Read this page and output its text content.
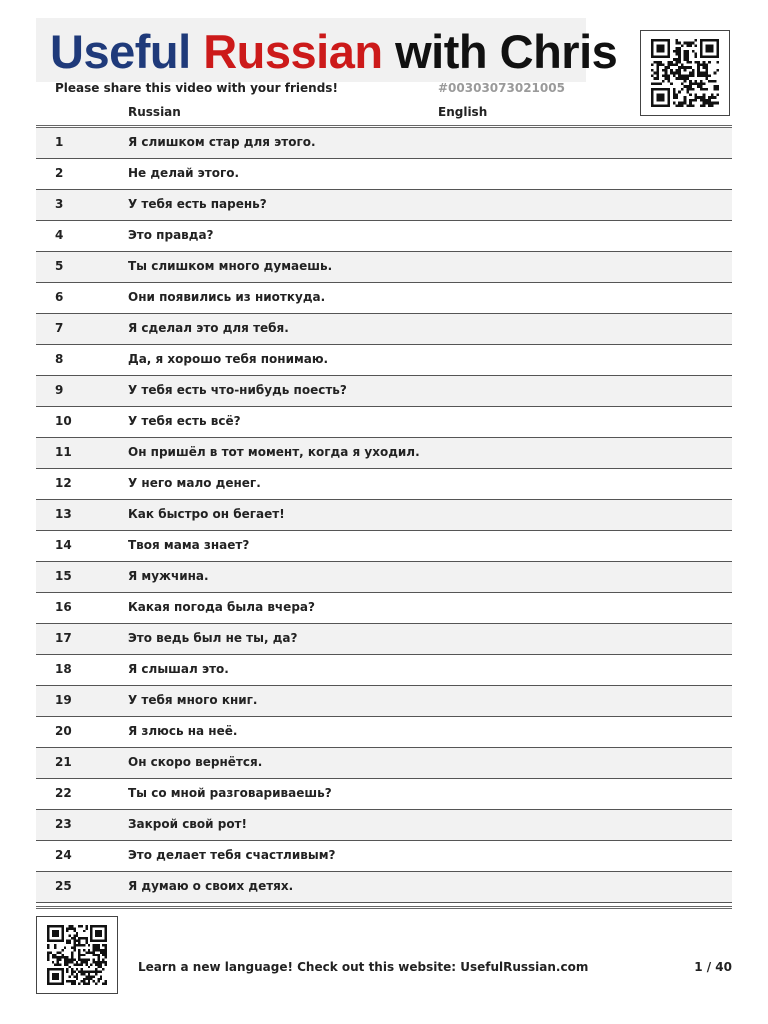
Useful Russian with Chris
Please share this video with your friends!	#00303073021005
Russian	English
1	Я слишком стар для этого.
2	Не делай этого.
3	У тебя есть парень?
4	Это правда?
5	Ты слишком много думаешь.
6	Они появились из ниоткуда.
7	Я сделал это для тебя.
8	Да, я хорошо тебя понимаю.
9	У тебя есть что-нибудь поесть?
10	У тебя есть всё?
11	Он пришёл в тот момент, когда я уходил.
12	У него мало денег.
13	Как быстро он бегает!
14	Твоя мама знает?
15	Я мужчина.
16	Какая погода была вчера?
17	Это ведь был не ты, да?
18	Я слышал это.
19	У тебя много книг.
20	Я злюсь на неё.
21	Он скоро вернётся.
22	Ты со мной разговариваешь?
23	Закрой свой рот!
24	Это делает тебя счастливым?
25	Я думаю о своих детях.
Learn a new language! Check out this website: UsefulRussian.com	1 / 40
